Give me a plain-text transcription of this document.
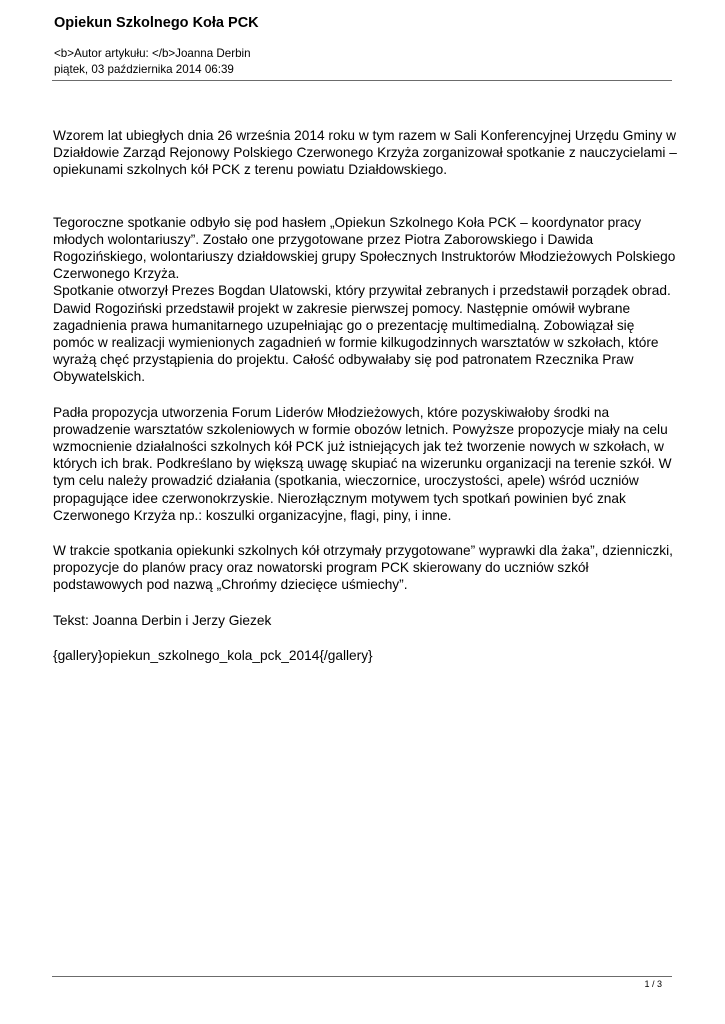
Opiekun Szkolnego Koła PCK
<b>Autor artykułu: </b>Joanna Derbin
piątek, 03 października 2014 06:39

Wzorem lat ubiegłych dnia 26 września 2014 roku w tym razem w Sali Konferencyjnej Urzędu Gminy w Działdowie Zarząd Rejonowy Polskiego Czerwonego Krzyża zorganizował spotkanie z nauczycielami – opiekunami szkolnych kół PCK z terenu powiatu Działdowskiego.

Tegoroczne spotkanie odbyło się pod hasłem „Opiekun Szkolnego Koła PCK – koordynator pracy młodych wolontariuszy”. Zostało one przygotowane przez Piotra Zaborowskiego i Dawida Rogozińskiego, wolontariuszy działdowskiej grupy Społecznych Instruktorów Młodzieżowych Polskiego Czerwonego Krzyża.

Spotkanie otworzył Prezes Bogdan Ulatowski, który przywitał zebranych i przedstawił porządek obrad. Dawid Rogoziński przedstawił projekt w zakresie pierwszej pomocy. Następnie omówił wybrane zagadnienia prawa humanitarnego uzupełniając go o prezentację multimedialną. Zobowiązał się pomóc w realizacji wymienionych zagadnień w formie kilkugodzinnych warsztatów w szkołach, które wyrażą chęć przystąpienia do projektu. Całość odbywałaby się pod patronatem Rzecznika Praw Obywatelskich.

Padła propozycja utworzenia Forum Liderów Młodzieżowych, które pozyskiwałoby środki na prowadzenie warsztatów szkoleniowych w formie obozów letnich. Powyższe propozycje miały na celu wzmocnienie działalności szkolnych kół PCK już istniejących jak też tworzenie nowych w szkołach, w których ich brak. Podkreślano by większą uwagę skupiać na wizerunku organizacji na terenie szkół. W tym celu należy prowadzić działania (spotkania, wieczornice, uroczystości, apele) wśród uczniów propagujące idee czerwonokrzyskie. Nierozłącznym motywem tych spotkań powinien być znak Czerwonego Krzyża np.: koszulki organizacyjne, flagi, piny, i inne.

W trakcie spotkania opiekunki szkolnych kół otrzymały przygotowane” wyprawki dla żaka”, dzienniczki, propozycje do planów pracy oraz nowatorski program PCK skierowany do uczniów szkół podstawowych pod nazwą „Chrońmy dziecięce uśmiechy”.

Tekst: Joanna Derbin i Jerzy Giezek

{gallery}opiekun_szkolnego_kola_pck_2014{/gallery}

1 / 3
